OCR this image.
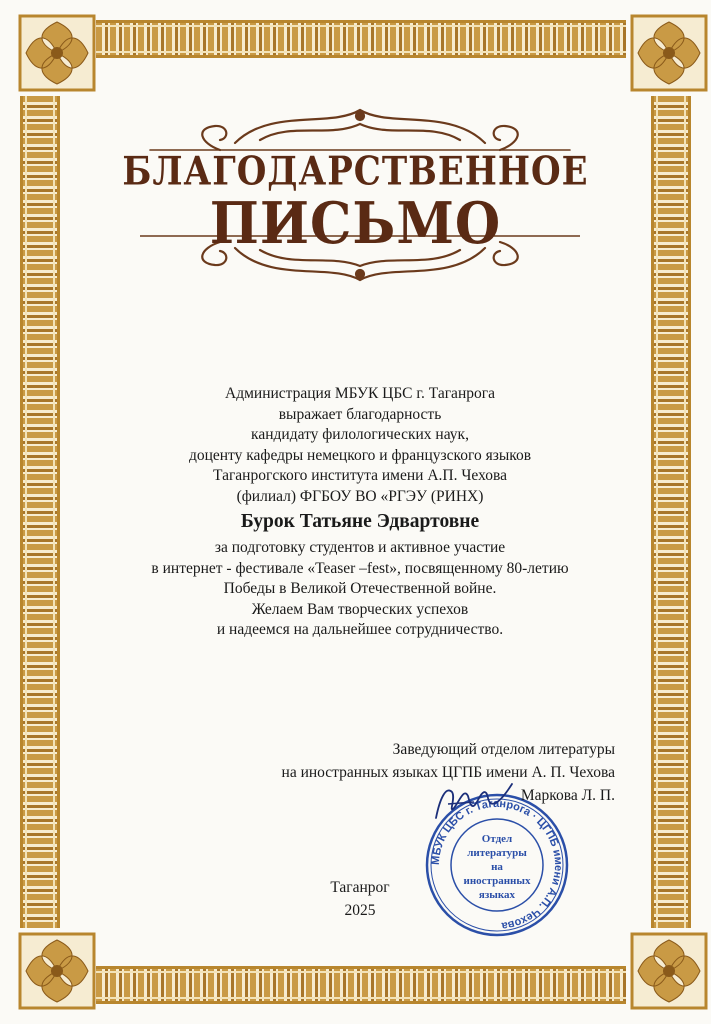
БЛАГОДАРСТВЕННОЕ
ПИСЬМО
Администрация МБУК ЦБС г. Таганрога
выражает благодарность
кандидату филологических наук,
доценту кафедры немецкого и французского языков
Таганрогского института имени А.П. Чехова
(филиал) ФГБОУ ВО «РГЭУ (РИНХ)
Бурок Татьяне Эдвартовне
за подготовку студентов и активное участие
в интернет - фестивале «Teaser –fest», посвященному 80-летию
Победы в Великой Отечественной войне.
Желаем Вам творческих успехов
и надеемся на дальнейшее сотрудничество.
МБУК ЦБС г. Таганрога · ЦГПБ имени А.П. Чехова
Отдел
литературы
на
иностранных
языках
Заведующий отделом литературы
на иностранных языках ЦГПБ имени А. П. Чехова
Маркова Л. П.
Таганрог
2025
